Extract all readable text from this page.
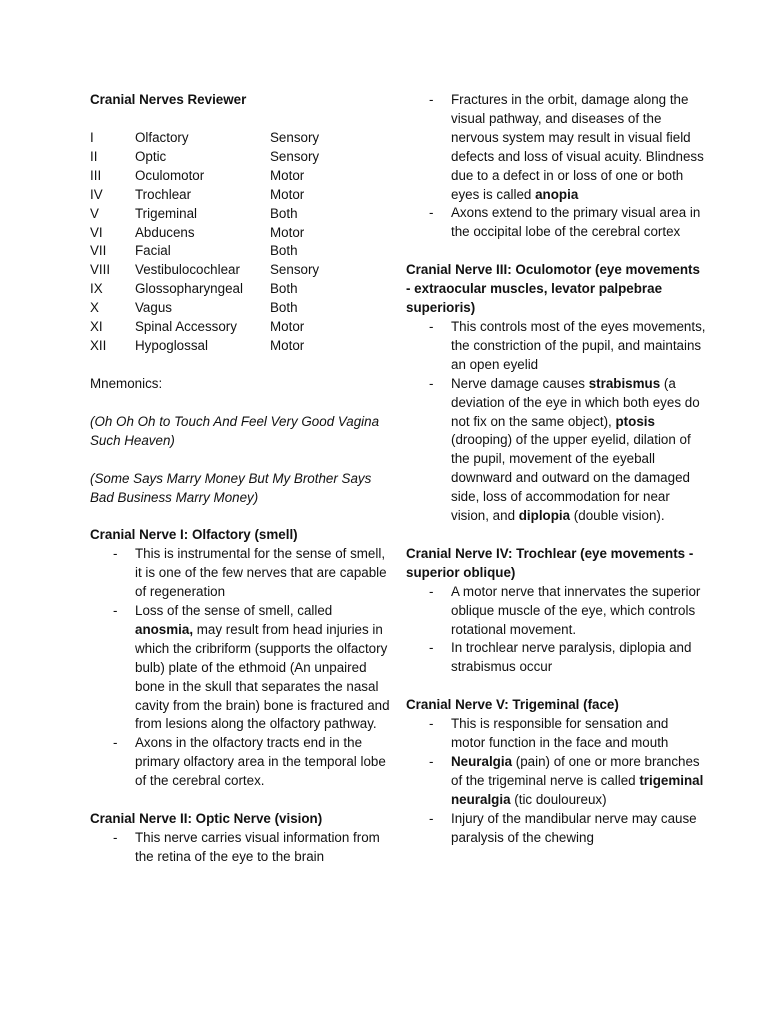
Cranial Nerves Reviewer
I	Olfactory	Sensory
II	Optic	Sensory
III	Oculomotor	Motor
IV	Trochlear	Motor
V	Trigeminal	Both
VI	Abducens	Motor
VII	Facial	Both
VIII	Vestibulocochlear	Sensory
IX	Glossopharyngeal	Both
X	Vagus	Both
XI	Spinal Accessory	Motor
XII	Hypoglossal	Motor
Mnemonics:
(Oh Oh Oh to Touch And Feel Very Good Vagina Such Heaven)
(Some Says Marry Money But My Brother Says Bad Business Marry Money)
Cranial Nerve I: Olfactory (smell)
- This is instrumental for the sense of smell, it is one of the few nerves that are capable of regeneration
- Loss of the sense of smell, called anosmia, may result from head injuries in which the cribriform (supports the olfactory bulb) plate of the ethmoid (An unpaired bone in the skull that separates the nasal cavity from the brain) bone is fractured and from lesions along the olfactory pathway.
- Axons in the olfactory tracts end in the primary olfactory area in the temporal lobe of the cerebral cortex.
Cranial Nerve II: Optic Nerve (vision)
- This nerve carries visual information from the retina of the eye to the brain
- Fractures in the orbit, damage along the visual pathway, and diseases of the nervous system may result in visual field defects and loss of visual acuity. Blindness due to a defect in or loss of one or both eyes is called anopia
- Axons extend to the primary visual area in the occipital lobe of the cerebral cortex
Cranial Nerve III: Oculomotor (eye movements - extraocular muscles, levator palpebrae superioris)
- This controls most of the eyes movements, the constriction of the pupil, and maintains an open eyelid
- Nerve damage causes strabismus (a deviation of the eye in which both eyes do not fix on the same object), ptosis (drooping) of the upper eyelid, dilation of the pupil, movement of the eyeball downward and outward on the damaged side, loss of accommodation for near vision, and diplopia (double vision).
Cranial Nerve IV: Trochlear (eye movements - superior oblique)
- A motor nerve that innervates the superior oblique muscle of the eye, which controls rotational movement.
- In trochlear nerve paralysis, diplopia and strabismus occur
Cranial Nerve V: Trigeminal (face)
- This is responsible for sensation and motor function in the face and mouth
- Neuralgia (pain) of one or more branches of the trigeminal nerve is called trigeminal neuralgia (tic douloureux)
- Injury of the mandibular nerve may cause paralysis of the chewing
